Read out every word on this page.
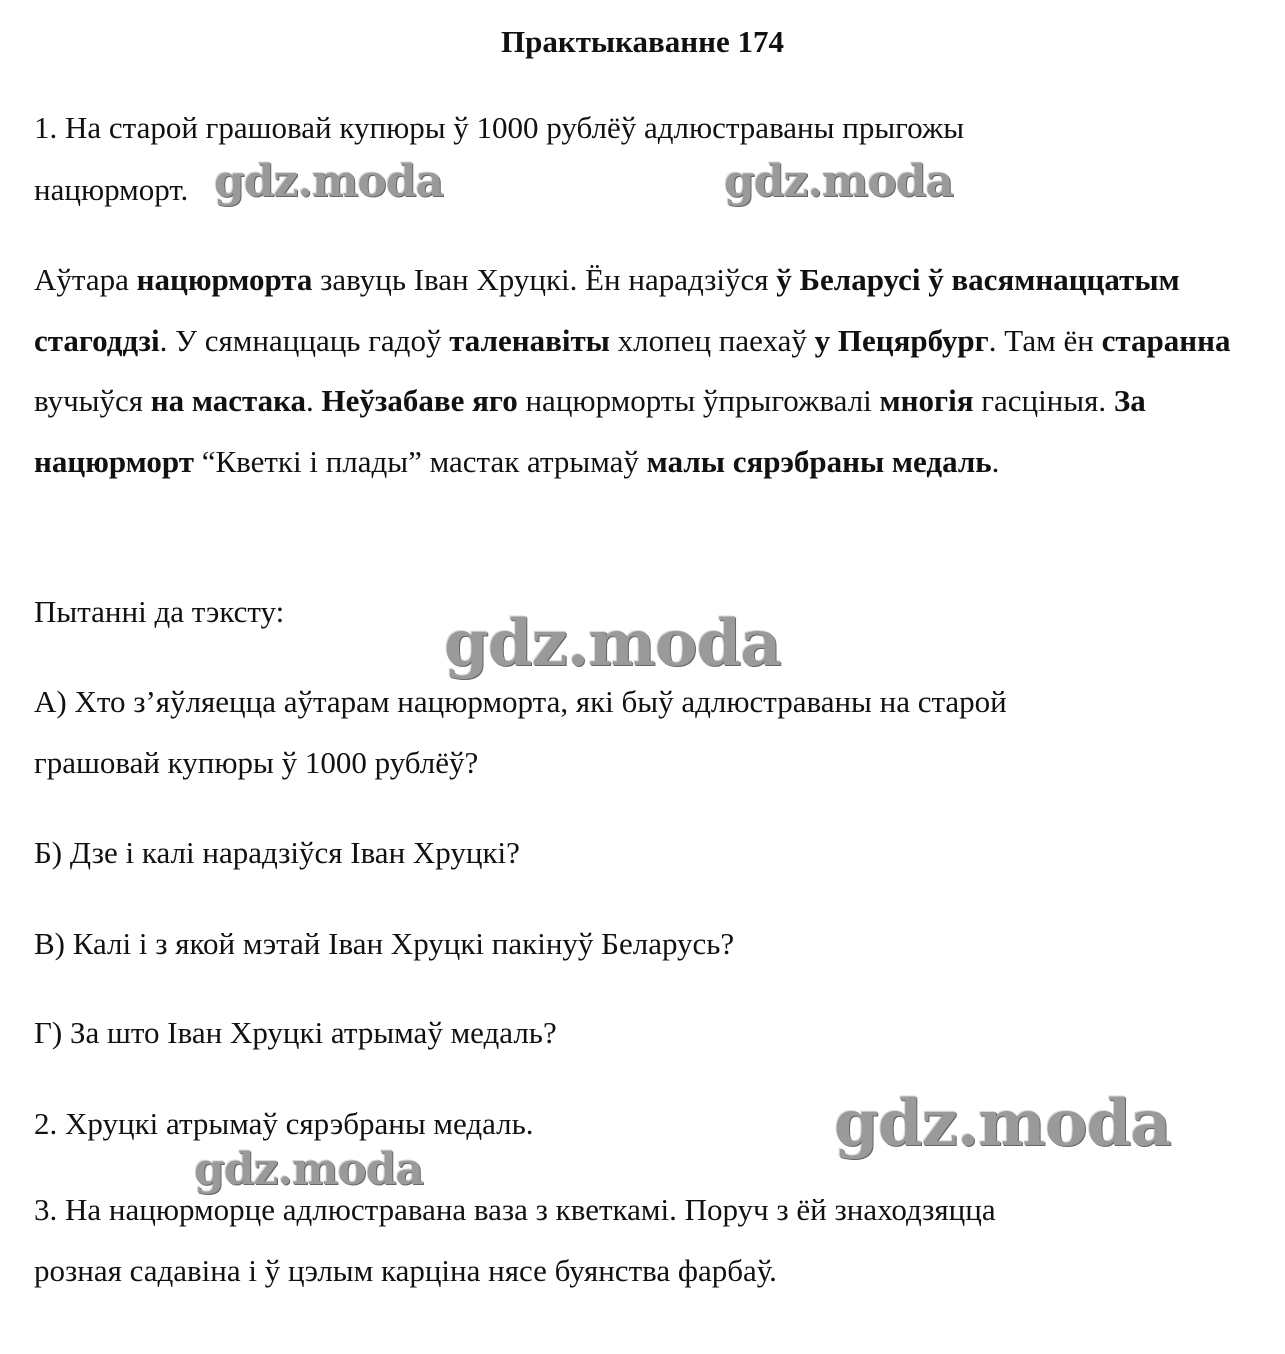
Практыкаванне 174
1. На старой грашовай купюры ў 1000 рублёў адлюстраваны прыгожы
нацюрморт.

Аўтара нацюрморта завуць Іван Хруцкі. Ён нарадзіўся ў Беларусі ў васямнаццатым стагоддзі. У сямнаццаць гадоў таленавіты хлопец паехаў у Пецярбург. Там ён старанна вучыўся на мастака. Неўзабаве яго нацюрморты ўпрыгожвалі многія гасціныя. За нацюрморт “Кветкі і плады” мастак атрымаў малы сярэбраны медаль.

Пытанні да тэксту:
А) Хто з’яўляецца аўтарам нацюрморта, які быў адлюстраваны на старой
грашовай купюры ў 1000 рублёў?
Б) Дзе і калі нарадзіўся Іван Хруцкі?
В) Калі і з якой мэтай Іван Хруцкі пакінуў Беларусь?
Г) За што Іван Хруцкі атрымаў медаль?
2. Хруцкі атрымаў сярэбраны медаль.
3. На нацюрморце адлюстравана ваза з кветкамі. Поруч з ёй знаходзяцца
розная садавіна і ў цэлым карціна нясе буянства фарбаў.
gdz.moda	gdz.moda
gdz.moda
gdz.moda
gdz.moda
